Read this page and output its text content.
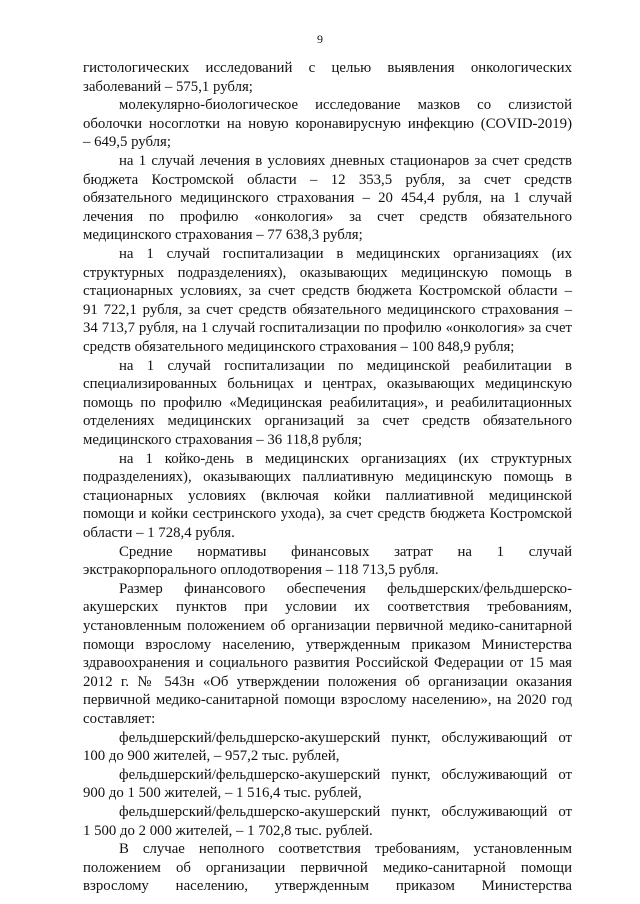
9
гистологических исследований с целью выявления онкологических
заболеваний – 575,1 рубля;
молекулярно-биологическое исследование мазков со слизистой
оболочки носоглотки на новую коронавирусную инфекцию (COVID-2019)
– 649,5 рубля;
на 1 случай лечения в условиях дневных стационаров за счет средств
бюджета Костромской области – 12 353,5 рубля, за счет средств
обязательного медицинского страхования – 20 454,4 рубля, на 1 случай
лечения по профилю «онкология» за счет средств обязательного
медицинского страхования – 77 638,3 рубля;
на 1 случай госпитализации в медицинских организациях (их
структурных подразделениях), оказывающих медицинскую помощь в
стационарных условиях, за счет средств бюджета Костромской области –
91 722,1 рубля, за счет средств обязательного медицинского страхования –
34 713,7 рубля, на 1 случай госпитализации по профилю «онкология» за счет
средств обязательного медицинского страхования – 100 848,9 рубля;
на 1 случай госпитализации по медицинской реабилитации в
специализированных больницах и центрах, оказывающих медицинскую
помощь по профилю «Медицинская реабилитация», и реабилитационных
отделениях медицинских организаций за счет средств обязательного
медицинского страхования – 36 118,8 рубля;
на 1 койко-день в медицинских организациях (их структурных
подразделениях), оказывающих паллиативную медицинскую помощь в
стационарных условиях (включая койки паллиативной медицинской
помощи и койки сестринского ухода), за счет средств бюджета Костромской
области – 1 728,4 рубля.
Средние нормативы финансовых затрат на 1 случай
экстракорпорального оплодотворения – 118 713,5 рубля.
Размер финансового обеспечения фельдшерских/фельдшерско-
акушерских пунктов при условии их соответствия требованиям,
установленным положением об организации первичной медико-санитарной
помощи взрослому населению, утвержденным приказом Министерства
здравоохранения и социального развития Российской Федерации от 15 мая
2012 г. № 543н «Об утверждении положения об организации оказания
первичной медико-санитарной помощи взрослому населению», на 2020 год
составляет:
фельдшерский/фельдшерско-акушерский пункт, обслуживающий от
100 до 900 жителей, – 957,2 тыс. рублей,
фельдшерский/фельдшерско-акушерский пункт, обслуживающий от
900 до 1 500 жителей, – 1 516,4 тыс. рублей,
фельдшерский/фельдшерско-акушерский пункт, обслуживающий от
1 500 до 2 000 жителей, – 1 702,8 тыс. рублей.
В случае неполного соответствия требованиям, установленным
положением об организации первичной медико-санитарной помощи
взрослому населению, утвержденным приказом Министерства
